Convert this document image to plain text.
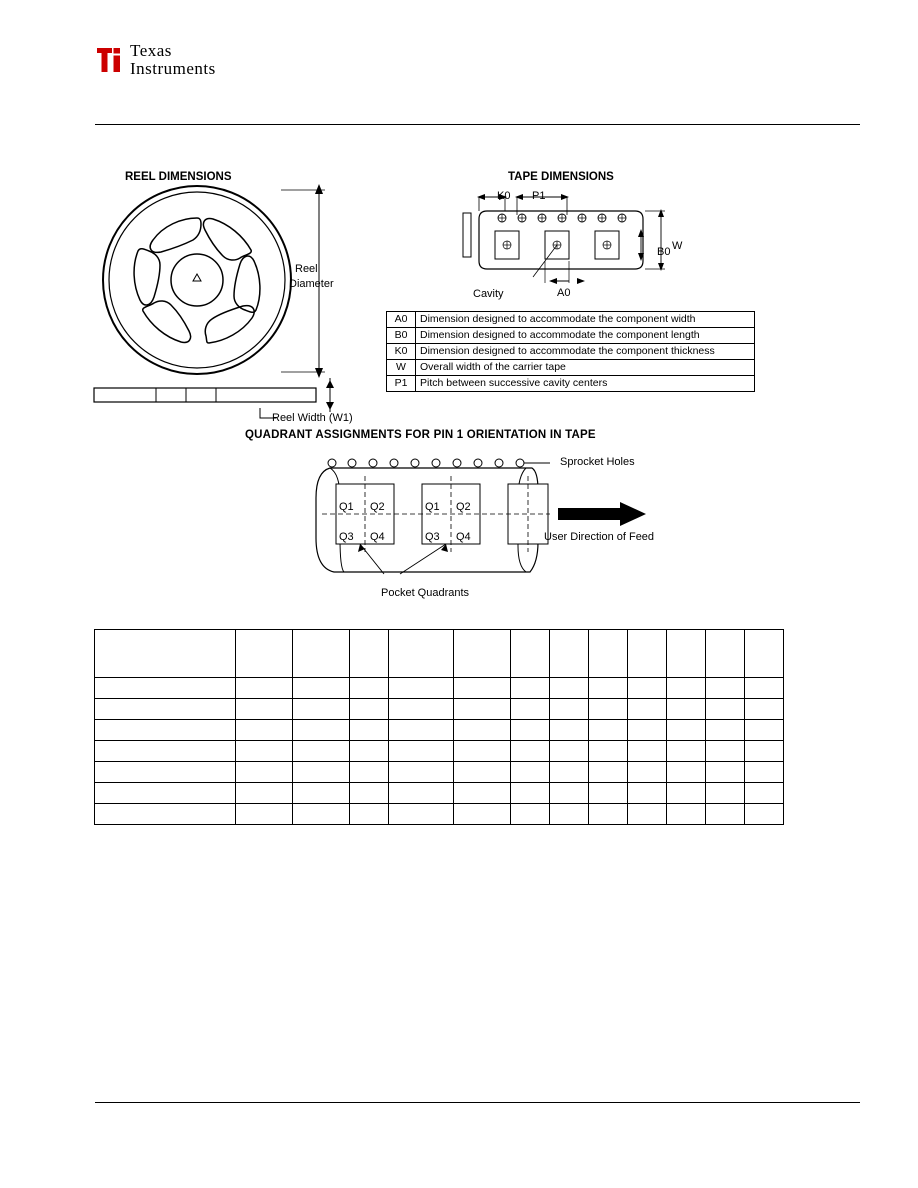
Texas
Instruments
REEL DIMENSIONS
Reel
Diameter
Reel Width (W1)
TAPE DIMENSIONS
K0 P1
B0 W
A0
Cavity
A0	Dimension designed to accommodate the component width
B0	Dimension designed to accommodate the component length
K0	Dimension designed to accommodate the component thickness
W	Overall width of the carrier tape
P1	Pitch between successive cavity centers
QUADRANT ASSIGNMENTS FOR PIN 1 ORIENTATION IN TAPE
Q1 Q2
Q3 Q4
Q1 Q2
Q3 Q4
Sprocket Holes
User Direction of Feed
Pocket Quadrants
